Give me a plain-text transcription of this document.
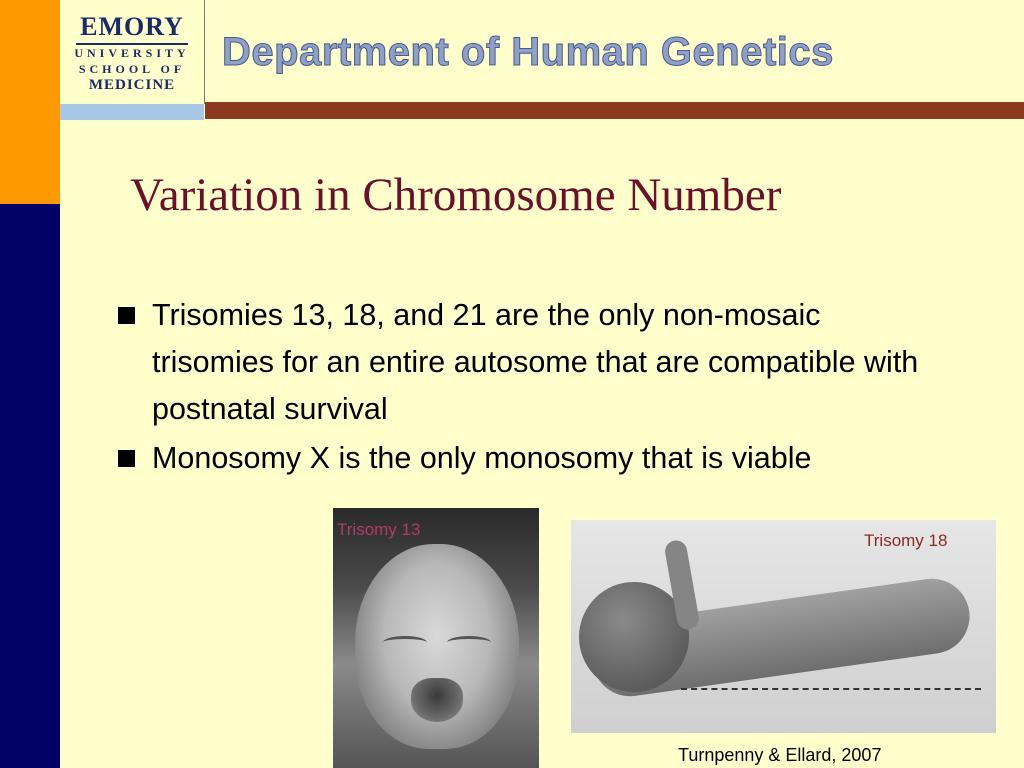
EMORY
UNIVERSITY
SCHOOL OF
MEDICINE
Department of Human Genetics
Variation in Chromosome Number
Trisomies 13, 18, and 21 are the only non-mosaic trisomies for an entire autosome that are compatible with postnatal survival
Monosomy X is the only monosomy that is viable
Trisomy 13
Trisomy 18
Turnpenny & Ellard, 2007
